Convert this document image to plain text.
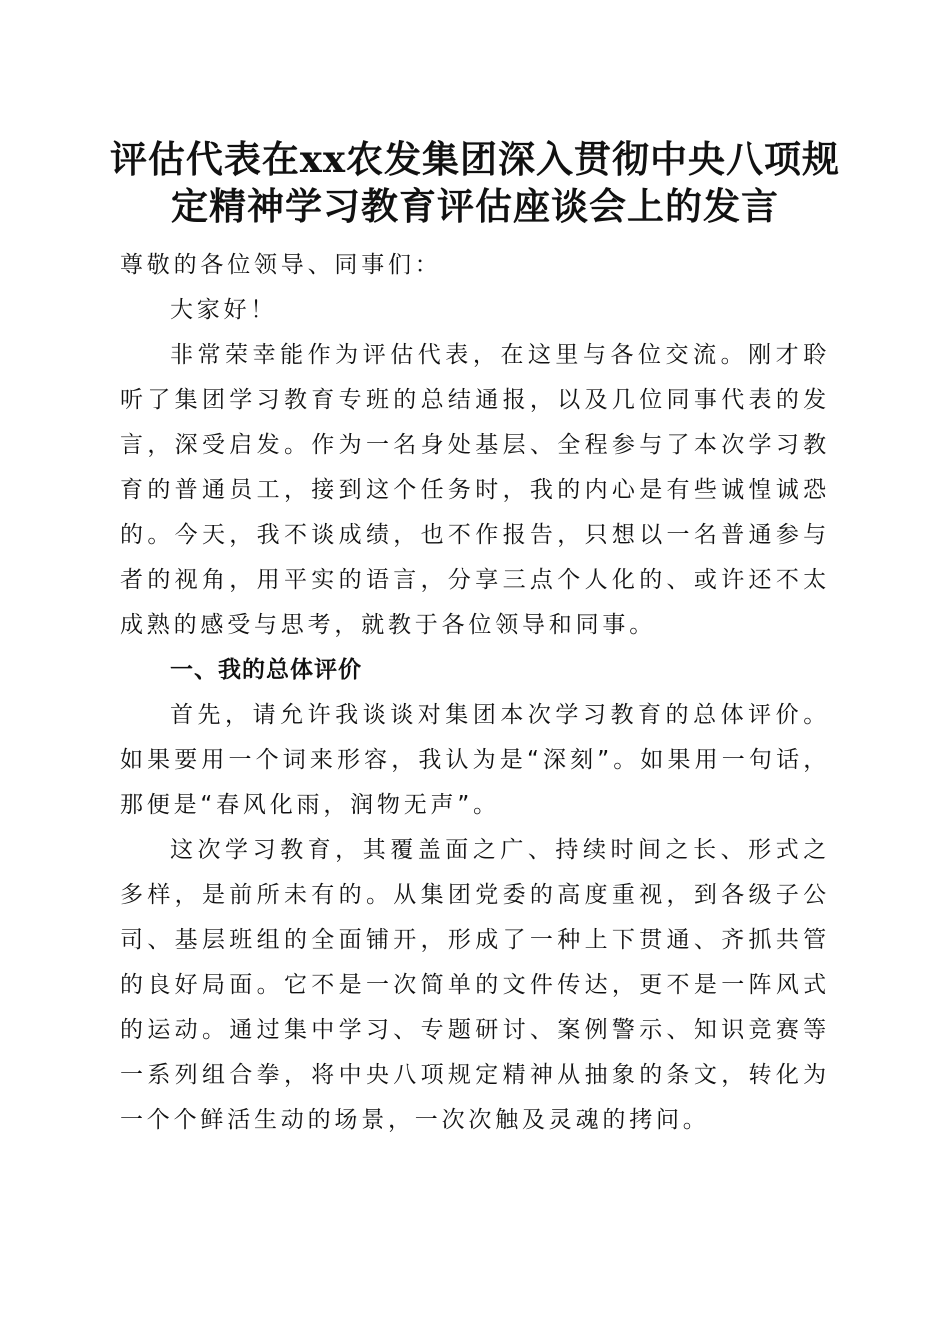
评估代表在xx农发集团深入贯彻中央八项规
定精神学习教育评估座谈会上的发言

尊敬的各位领导、同事们：

大家好！

非常荣幸能作为评估代表，在这里与各位交流。刚才聆听了集团学习教育专班的总结通报，以及几位同事代表的发言，深受启发。作为一名身处基层、全程参与了本次学习教育的普通员工，接到这个任务时，我的内心是有些诚惶诚恐的。今天，我不谈成绩，也不作报告，只想以一名普通参与者的视角，用平实的语言，分享三点个人化的、或许还不太成熟的感受与思考，就教于各位领导和同事。

一、我的总体评价

首先，请允许我谈谈对集团本次学习教育的总体评价。如果要用一个词来形容，我认为是“深刻”。如果用一句话，那便是“春风化雨，润物无声”。

这次学习教育，其覆盖面之广、持续时间之长、形式之多样，是前所未有的。从集团党委的高度重视，到各级子公司、基层班组的全面铺开，形成了一种上下贯通、齐抓共管的良好局面。它不是一次简单的文件传达，更不是一阵风式的运动。通过集中学习、专题研讨、案例警示、知识竞赛等一系列组合拳，将中央八项规定精神从抽象的条文，转化为一个个鲜活生动的场景，一次次触及灵魂的拷问。
